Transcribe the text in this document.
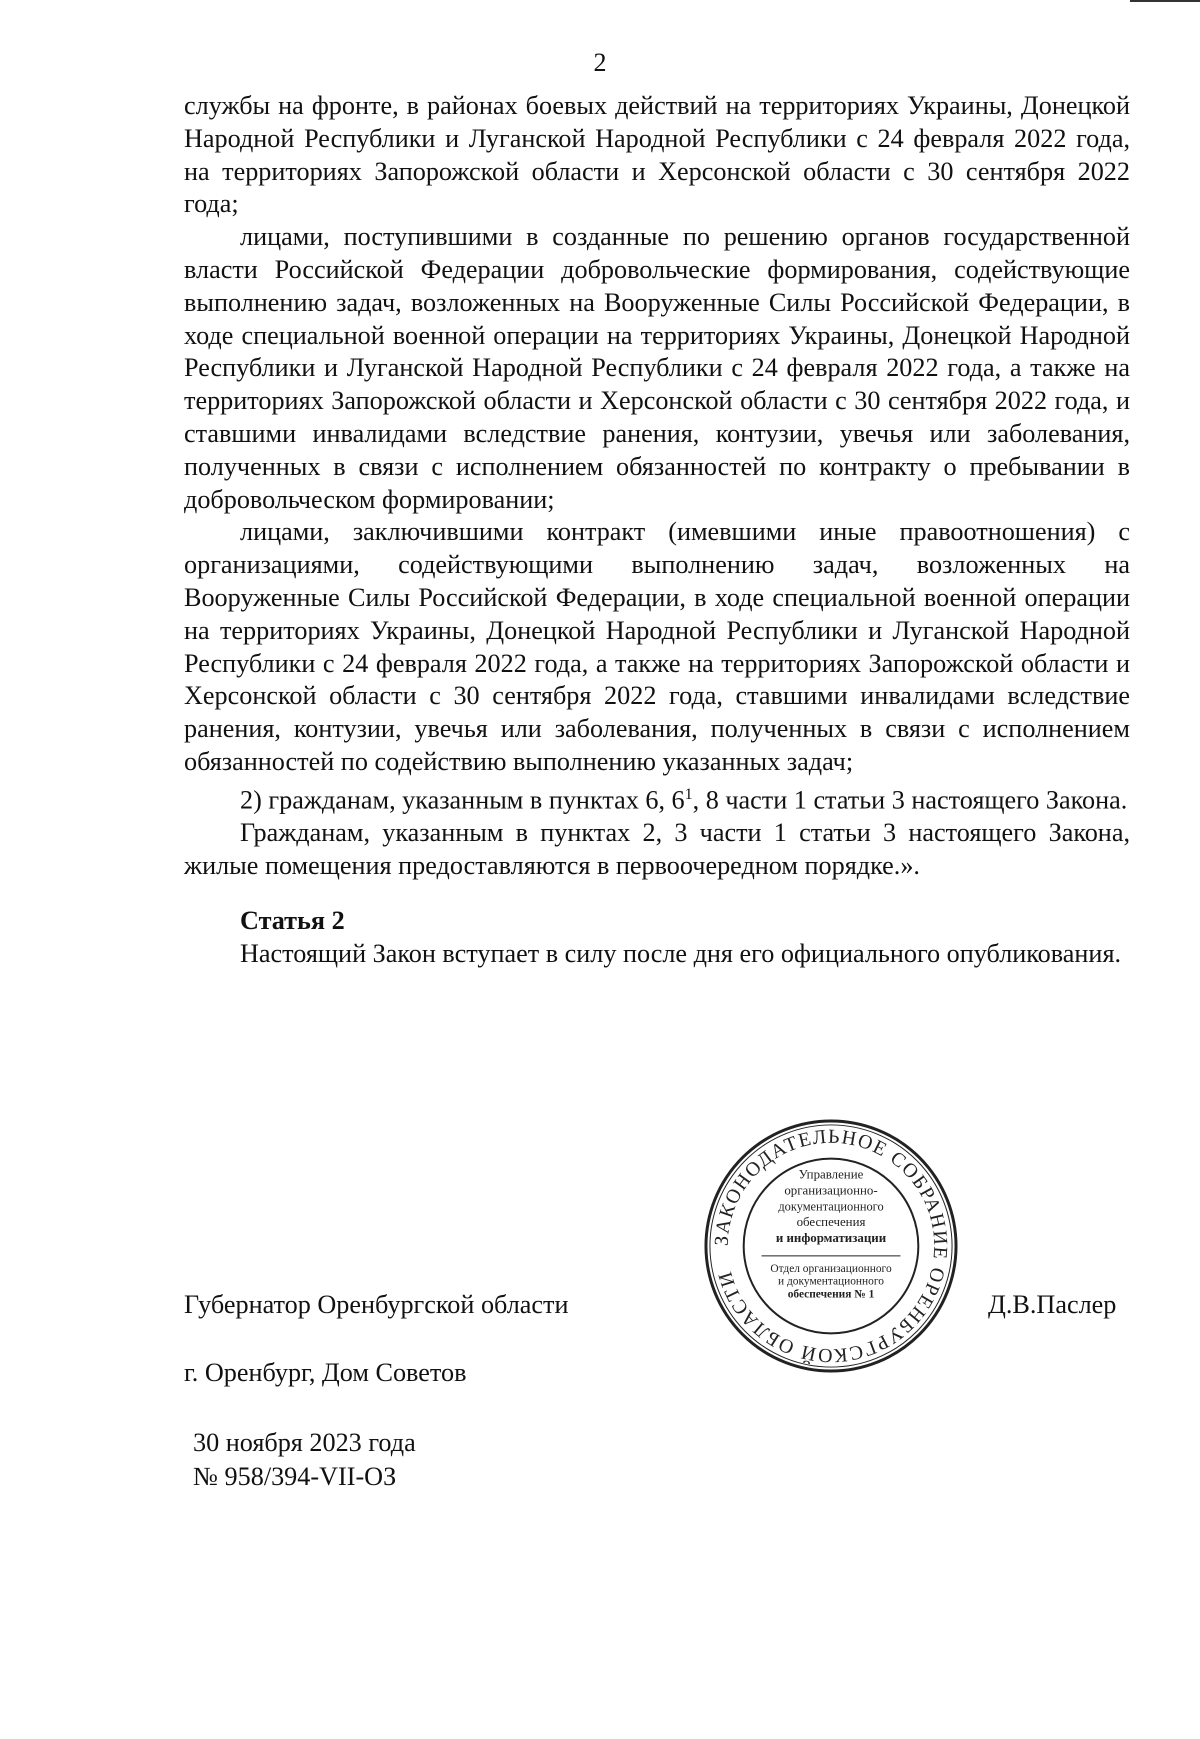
2

службы на фронте, в районах боевых действий на территориях Украины, Донецкой Народной Республики и Луганской Народной Республики с 24 февраля 2022 года, на территориях Запорожской области и Херсонской области с 30 сентября 2022 года;

лицами, поступившими в созданные по решению органов государственной власти Российской Федерации добровольческие формирования, содействующие выполнению задач, возложенных на Вооруженные Силы Российской Федерации, в ходе специальной военной операции на территориях Украины, Донецкой Народной Республики и Луганской Народной Республики с 24 февраля 2022 года, а также на территориях Запорожской области и Херсонской области с 30 сентября 2022 года, и ставшими инвалидами вследствие ранения, контузии, увечья или заболевания, полученных в связи с исполнением обязанностей по контракту о пребывании в добровольческом формировании;

лицами, заключившими контракт (имевшими иные правоотношения) с организациями, содействующими выполнению задач, возложенных на Вооруженные Силы Российской Федерации, в ходе специальной военной операции на территориях Украины, Донецкой Народной Республики и Луганской Народной Республики с 24 февраля 2022 года, а также на территориях Запорожской области и Херсонской области с 30 сентября 2022 года, ставшими инвалидами вследствие ранения, контузии, увечья или заболевания, полученных в связи с исполнением обязанностей по содействию выполнению указанных задач;

2) гражданам, указанным в пунктах 6, $6^1$, 8 части 1 статьи 3 настоящего Закона.

Гражданам, указанным в пунктах 2, 3 части 1 статьи 3 настоящего Закона, жилые помещения предоставляются в первоочередном порядке.».

Статья 2

Настоящий Закон вступает в силу после дня его официального опубликования.

Губернатор Оренбургской области	Д.В.Паслер
г. Оренбург, Дом Советов
30 ноября 2023 года
№ 958/394-VII-ОЗ
ЗАКОНОДАТЕЛЬНОЕ СОБРАНИЕ ОРЕНБУРГСКОЙ ОБЛАСТИ
Управление
организационно-
документационного
обеспечения
и информатизации
Отдел организационного
и документационного
обеспечения № 1
